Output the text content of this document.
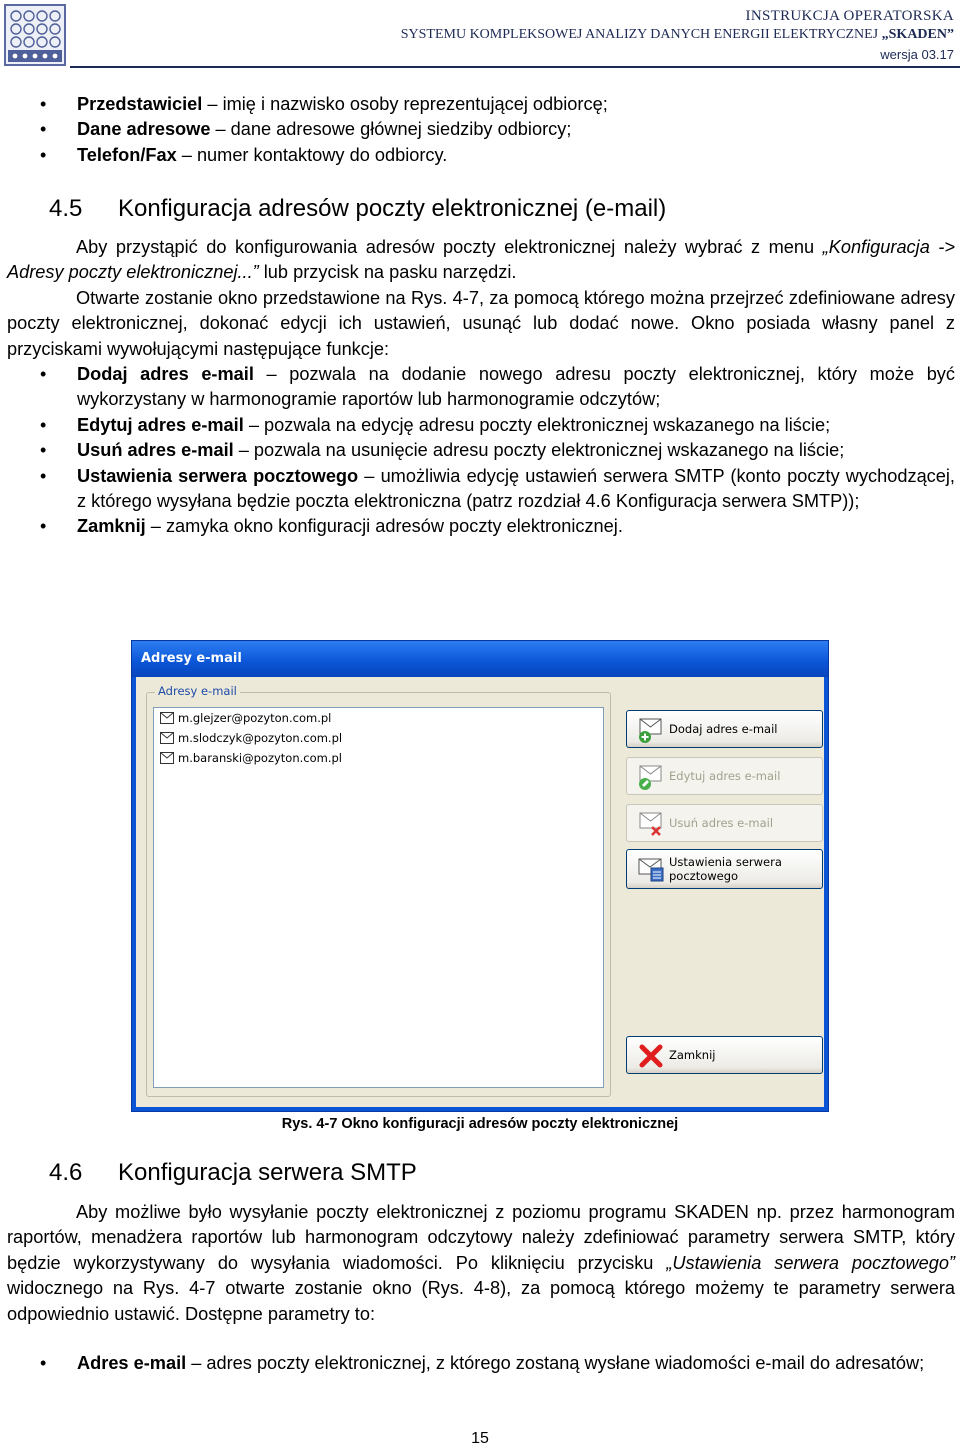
INSTRUKCJA OPERATORSKA
SYSTEMU KOMPLEKSOWEJ ANALIZY DANYCH ENERGII ELEKTRYCZNEJ „SKADEN”
wersja 03.17
• Przedstawiciel – imię i nazwisko osoby reprezentującej odbiorcę;
• Dane adresowe – dane adresowe głównej siedziby odbiorcy;
• Telefon/Fax – numer kontaktowy do odbiorcy.
4.5 Konfiguracja adresów poczty elektronicznej (e-mail)
Aby przystąpić do konfigurowania adresów poczty elektronicznej należy wybrać z menu „Konfiguracja -> Adresy poczty elektronicznej...” lub przycisk na pasku narzędzi.
Otwarte zostanie okno przedstawione na Rys. 4-7, za pomocą którego można przejrzeć zdefiniowane adresy poczty elektronicznej, dokonać edycji ich ustawień, usunąć lub dodać nowe. Okno posiada własny panel z przyciskami wywołującymi następujące funkcje:
• Dodaj adres e-mail – pozwala na dodanie nowego adresu poczty elektronicznej, który może być wykorzystany w harmonogramie raportów lub harmonogramie odczytów;
• Edytuj adres e-mail – pozwala na edycję adresu poczty elektronicznej wskazanego na liście;
• Usuń adres e-mail – pozwala na usunięcie adresu poczty elektronicznej wskazanego na liście;
• Ustawienia serwera pocztowego – umożliwia edycję ustawień serwera SMTP (konto poczty wychodzącej, z którego wysyłana będzie poczta elektroniczna (patrz rozdział 4.6 Konfiguracja serwera SMTP));
• Zamknij – zamyka okno konfiguracji adresów poczty elektronicznej.
Adresy e-mail
Adresy e-mail
m.glejzer@pozyton.com.pl
m.slodczyk@pozyton.com.pl
m.baranski@pozyton.com.pl
Dodaj adres e-mail
Edytuj adres e-mail
Usuń adres e-mail
Ustawienia serwera
pocztowego
Zamknij
Rys. 4-7 Okno konfiguracji adresów poczty elektronicznej
4.6 Konfiguracja serwera SMTP
Aby możliwe było wysyłanie poczty elektronicznej z poziomu programu SKADEN np. przez harmonogram raportów, menadżera raportów lub harmonogram odczytowy należy zdefiniować parametry serwera SMTP, który będzie wykorzystywany do wysyłania wiadomości. Po kliknięciu przycisku „Ustawienia serwera pocztowego” widocznego na Rys. 4-7 otwarte zostanie okno (Rys. 4-8), za pomocą którego możemy te parametry serwera odpowiednio ustawić. Dostępne parametry to:
• Adres e-mail – adres poczty elektronicznej, z którego zostaną wysłane wiadomości e-mail do adresatów;
15
